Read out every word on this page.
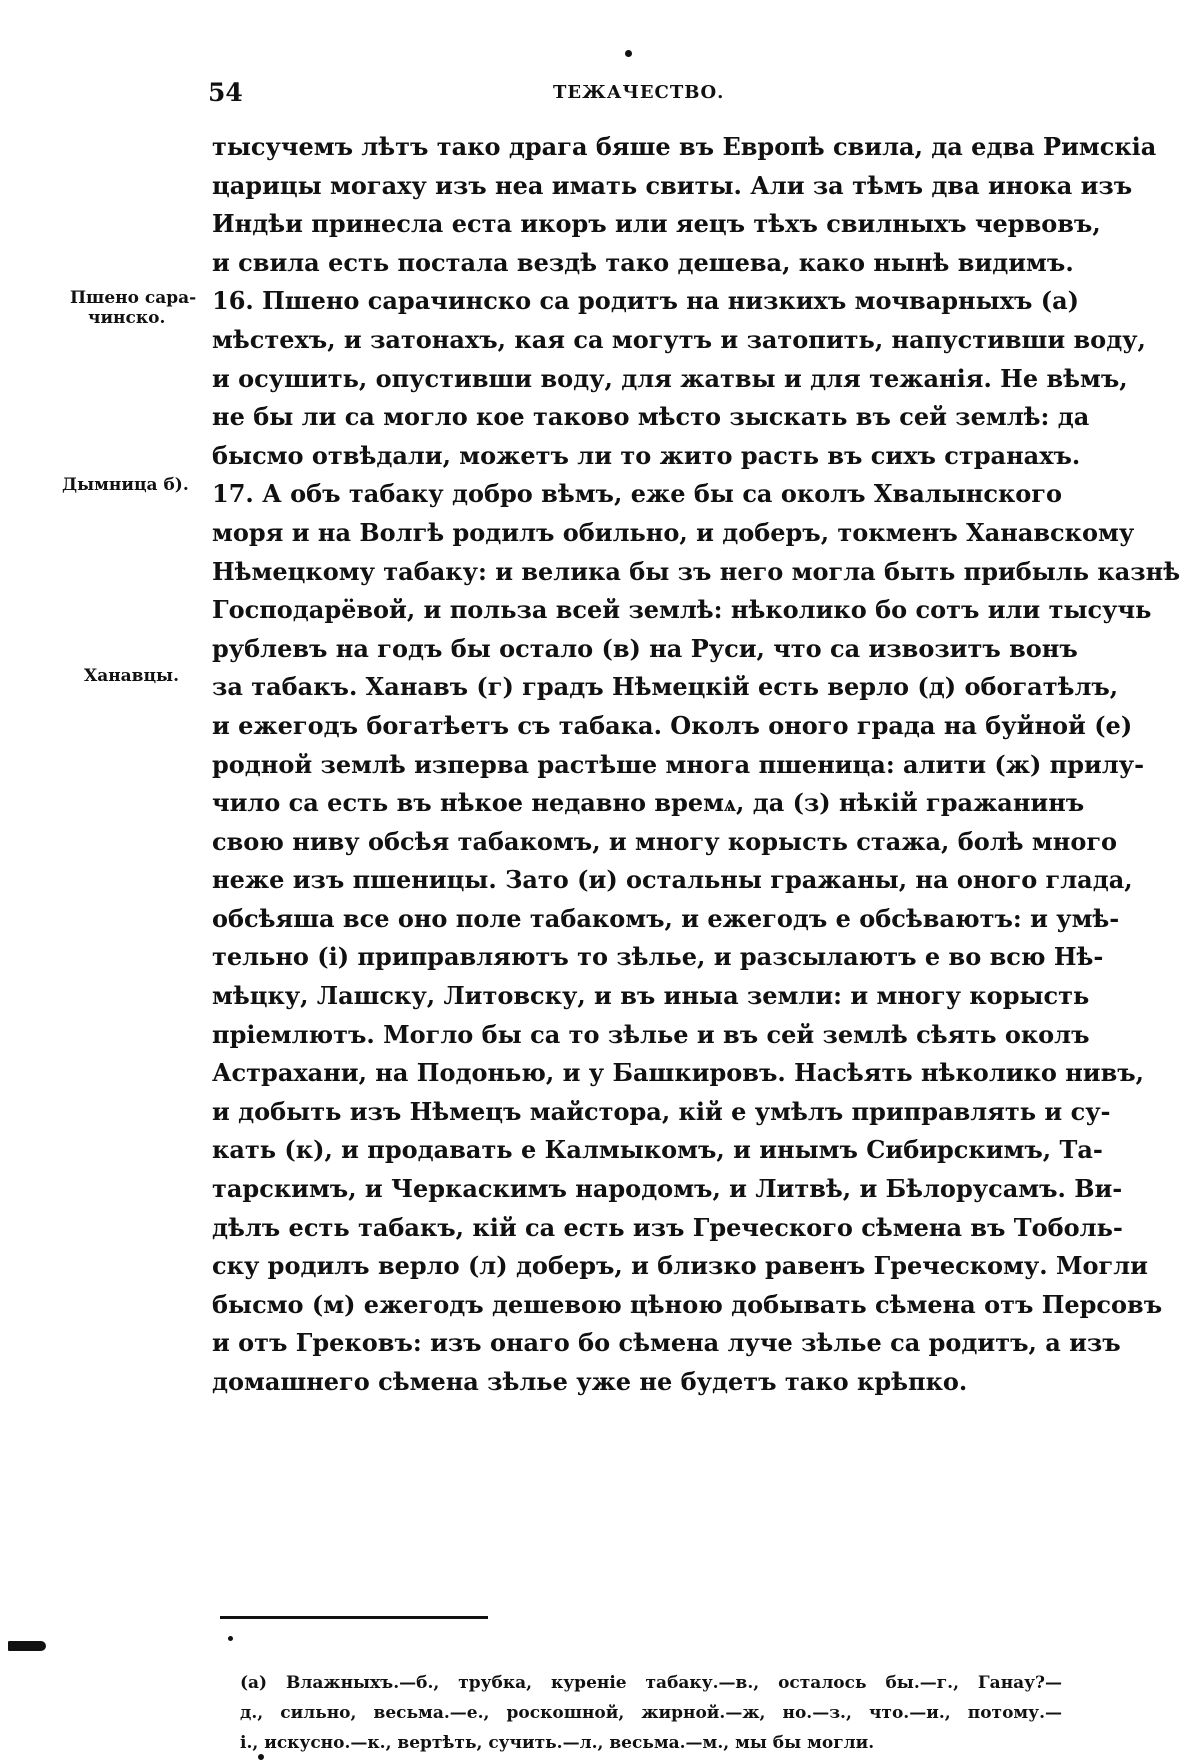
54	ТЕЖАЧЕСТВО.
Пшено сара-
чинско.
Дымница б).
Ханавцы.
тысучемъ лѣтъ тако драга бяше въ Европѣ свила, да едва Римскіа
царицы могаху изъ неа имать свиты. Али за тѣмъ два инока изъ
Индѣи принесла еста икоръ или яецъ тѣхъ свилныхъ червовъ,
и свила есть постала вездѣ тако дешева, како нынѣ видимъ.
16. Пшено сарачинско са родитъ на низкихъ мочварныхъ (а)
мѣстехъ, и затонахъ, кая са могутъ и затопить, напустивши воду,
и осушить, опустивши воду, для жатвы и для тежанія. Не вѣмъ,
не бы ли са могло кое таково мѣсто зыскать въ сей землѣ: да
бысмо отвѣдали, можетъ ли то жито расть въ сихъ странахъ.
17. А объ табаку добро вѣмъ, еже бы са околъ Хвалынского
моря и на Волгѣ родилъ обильно, и доберъ, токменъ Ханавскому
Нѣмецкому табаку: и велика бы зъ него могла быть прибыль казнѣ
Господарёвой, и польза всей землѣ: нѣколико бо сотъ или тысучь
рублевъ на годъ бы остало (в) на Руси, что са извозитъ вонъ
за табакъ. Ханавъ (г) градъ Нѣмецкій есть верло (д) обогатѣлъ,
и ежегодъ богатѣетъ съ табака. Околъ оного града на буйной (е)
родной землѣ изперва растѣше многа пшеница: алити (ж) прилу-
чило са есть въ нѣкое недавно времѧ, да (з) нѣкій гражанинъ
свою ниву обсѣя табакомъ, и многу корысть стажа, болѣ много
неже изъ пшеницы. Зато (и) остальны гражаны, на оного глада,
обсѣяша все оно поле табакомъ, и ежегодъ е обсѣваютъ: и умѣ-
тельно (і) приправляютъ то зѣлье, и разсылаютъ е во всю Нѣ-
мѣцку, Лашску, Литовску, и въ иныа земли: и многу корысть
пріемлютъ. Могло бы са то зѣлье и въ сей землѣ сѣять околъ
Астрахани, на Подонью, и у Башкировъ. Насѣять нѣколико нивъ,
и добыть изъ Нѣмецъ майстора, кій е умѣлъ приправлять и су-
кать (к), и продавать е Калмыкомъ, и инымъ Сибирскимъ, Та-
тарскимъ, и Черкаскимъ народомъ, и Литвѣ, и Бѣлорусамъ. Ви-
дѣлъ есть табакъ, кій са есть изъ Греческого сѣмена въ Тоболь-
ску родилъ верло (л) доберъ, и близко равенъ Греческому. Могли
бысмо (м) ежегодъ дешевою цѣною добывать сѣмена отъ Персовъ
и отъ Грековъ: изъ онаго бо сѣмена луче зѣлье са родитъ, а изъ
домашнего сѣмена зѣлье уже не будетъ тако крѣпко.
(а) Влажныхъ.—б., трубка, куреніе табаку.—в., осталось бы.—г., Ганау?—
д., сильно, весьма.—е., роскошной, жирной.—ж, но.—з., что.—и., потому.—
і., искусно.—к., вертѣть, сучить.—л., весьма.—м., мы бы могли.
